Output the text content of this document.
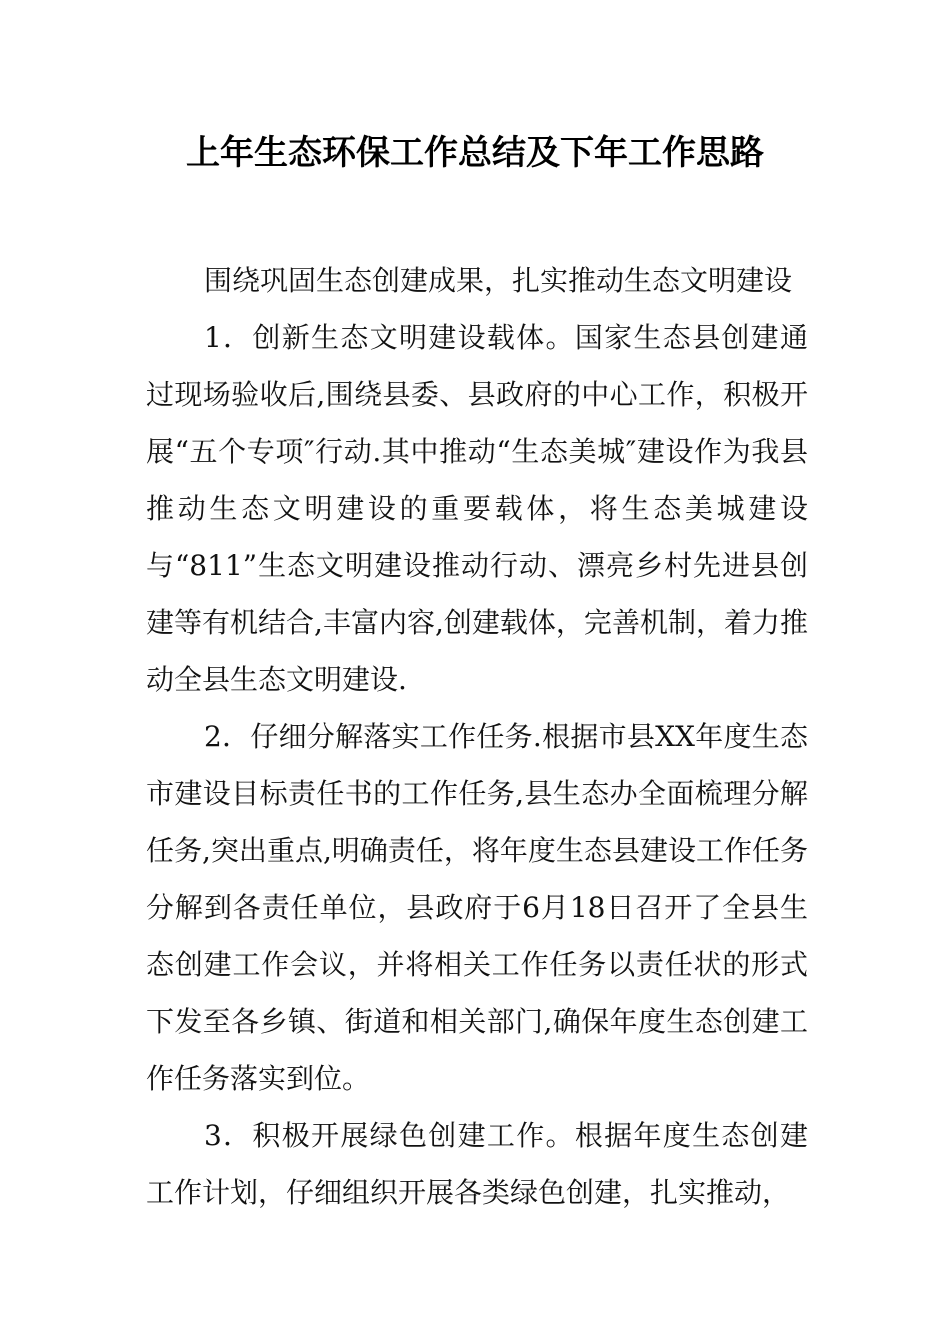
上年生态环保工作总结及下年工作思路

围绕巩固生态创建成果，扎实推动生态文明建设

1．创新生态文明建设载体。国家生态县创建通过现场验收后,围绕县委、县政府的中心工作，积极开展“五个专项″行动.其中推动“生态美城″建设作为我县推动生态文明建设的重要载体，将生态美城建设与“811”生态文明建设推动行动、漂亮乡村先进县创建等有机结合,丰富内容,创建载体，完善机制，着力推动全县生态文明建设.

2．仔细分解落实工作任务.根据市县XX年度生态市建设目标责任书的工作任务,县生态办全面梳理分解任务,突出重点,明确责任，将年度生态县建设工作任务分解到各责任单位，县政府于6月18日召开了全县生态创建工作会议，并将相关工作任务以责任状的形式下发至各乡镇、街道和相关部门,确保年度生态创建工作任务落实到位。

3．积极开展绿色创建工作。根据年度生态创建工作计划，仔细组织开展各类绿色创建，扎实推动，
